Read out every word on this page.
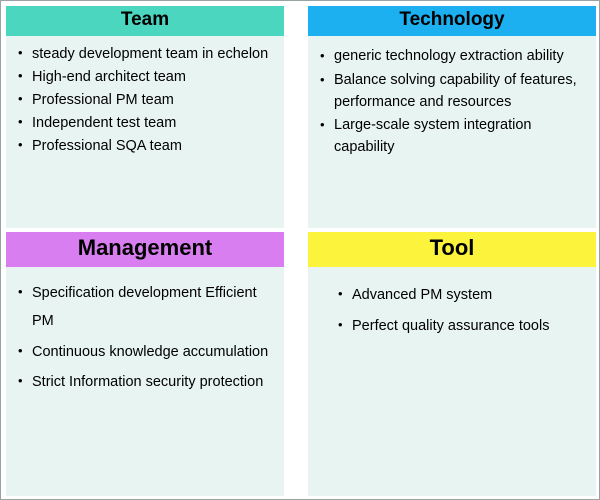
Team
• steady development team in echelon
• High-end architect team
• Professional PM team
• Independent test team
• Professional SQA team
Technology
• generic technology extraction ability
• Balance solving capability of features, performance and resources
• Large-scale system integration capability
Management
• Specification development Efficient PM
• Continuous knowledge accumulation
• Strict Information security protection
Tool
• Advanced PM system
• Perfect quality assurance tools
